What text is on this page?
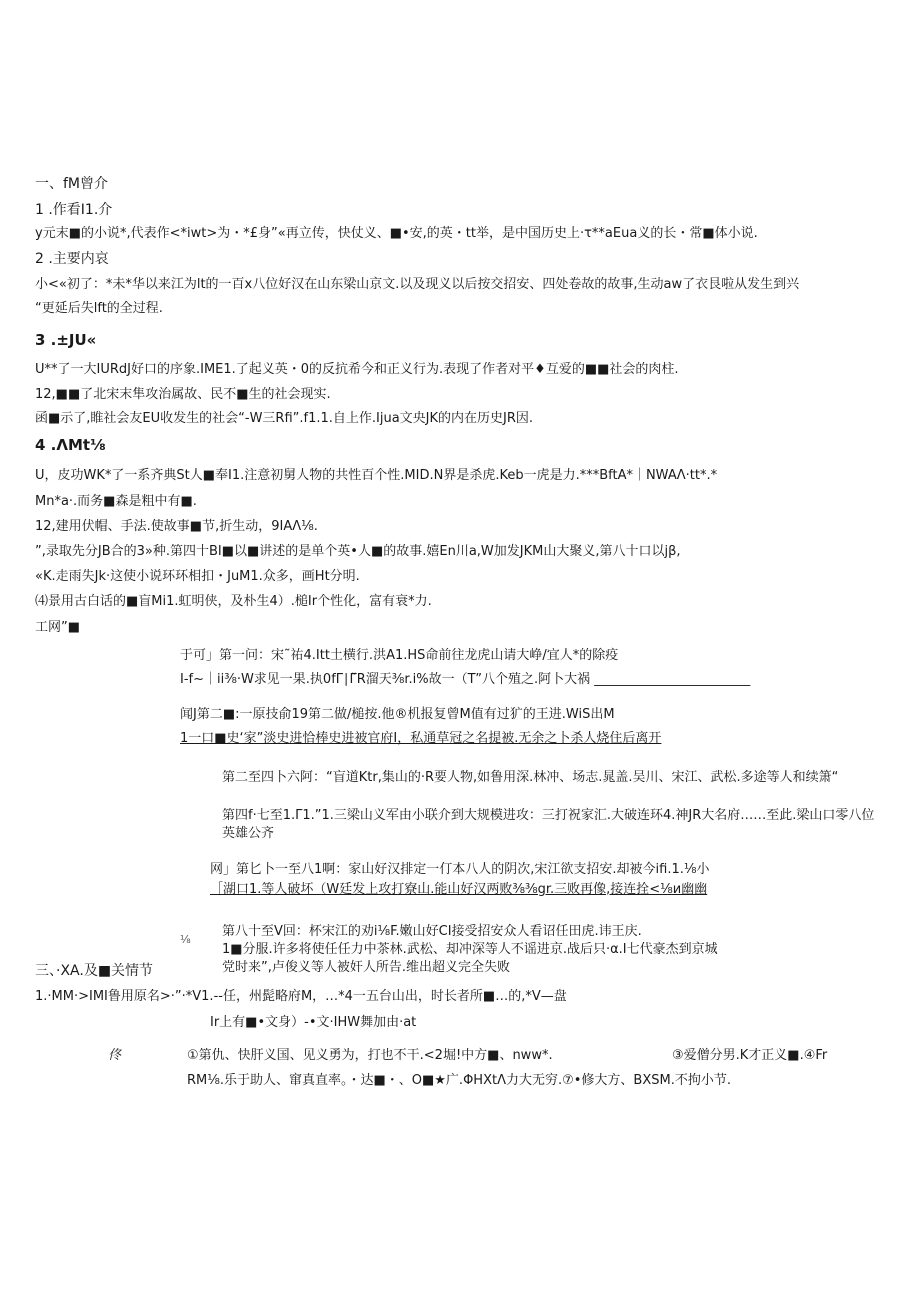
一、fM曾介
1 .作看I1.介
y元末■的小说*,代表作<*iwt>为・*£身”«再立传，快仗义、■•安,的英・tt举，是中国历史上·τ**aEua义的长・常■体小说.
2 .主要内哀
小<«初了：*未*华以来江为lt的一百x八位好汉在山东梁山京文.以及现义以后按交招安、四处卷故的故事,生动aw了衣艮啦从发生到兴
“更延后失lft的全过程.
3 .±JU«
U**了一大IURdJ好口的序象.IME1.了起义英・0的反抗希今和正义行为.表现了作者对平♦互爱的■■社会的肉柱.
12,■■了北宋末隼攻治属故、民不■生的社会现实.
函■示了,睢社会友EU收发生的社会“-W三Rfi”.f1.1.自上作.Ijua文央JK的内在历史JR因.
4 .ΛMt⅛
U，皮功WK*了一系齐典St人■奉I1.注意初舅人物的共性百个性.MID.N界是杀虎.Keb一虎是力.***BftA*｜NWAΛ·tt*.*
Mn*a·.而务■森是粗中有■.
12,建用伏帽、手法.使故事■节,折生动，9IAΛ⅛.
”,录取先分JB合的3»种.第四十BI■以■讲述的是单个英•人■的故事.嬉En川a,W加发JKM山大聚义,第八十口以jβ,
«K.走雨失Jk·这使小说环环相扣・JuM1.众多，画Ht分明.
⑷景用古白话的■盲Mi1.虹明侠，及朴生4）.槌Ir个性化，富有衰*力.
工网”■
于可」第一问：宋˜祐4.Itt土横行.洪A1.HS命前往龙虎山请大峥/宜人*的除疫
I-f~｜ii⅜·W求见一果.执0fΓ∣Γ̃R溜天⅜r.i%故一（T”八个殖之.阿卜大祸 ________________________
闻J第二■:一原技俞19第二做/槌按.他®机报复曾M值有过犷的王进.WiS出M
1一口■史‘家”淡史进恰棒史进被官府I，私通草冠之名提被.无余之卜杀人烧住后离开
第二至四卜六阿：“盲道Ktr,集山的·R要人物,如鲁用深.林冲、场志.晁盖.吴川、宋江、武松.多途等人和续箫“
第四f·七至1.Γ1.”1.三梁山义军由小联介到大规模进攻：三打祝家汇.大破连环4.神JR大名府……至此.梁山口零八位英雄公齐
网」第匕卜一至八1啊：家山好汉排定一仃本八人的阴次,宋江欲支招安.却被今ifi.1.⅛小
［湖口1.等人破坏（W廷发上攻打寮山.能山好汉两败⅜⅜gr.三败再像,接连拴<⅛ᴎ幽幽
⅛
第八十至V回：杯宋江的劝i⅛F.嫩山好CI接受招安众人看诏任田虎.讳王庆.
1■分服.许多将使任任力中茶林.武松、却冲深等人不谣进京.战后只·α.I七代豪杰到京城
党时来”,卢俊义等人被奸人所告.维出超义完全失败
三、·XA.及■关情节
1.·MM·>IMI鲁用原名>·”·*V1.--任，州髭略府M，…*4一五台山出，时长者所■…的,*V—盘
Ir上有■•文身）-•文·IHW舞加由·at
佟	①第仇、快肝义国、见义勇为，打也不干.<2堀!中方■、nww*.	③爱僧分男.K才正义■.④Fr
RM⅛.乐于助人、窜真直率。・达■・、O■★广.ΦHXtΛ力大无穷.⑦•修大方、BXSM.不拘小节.
